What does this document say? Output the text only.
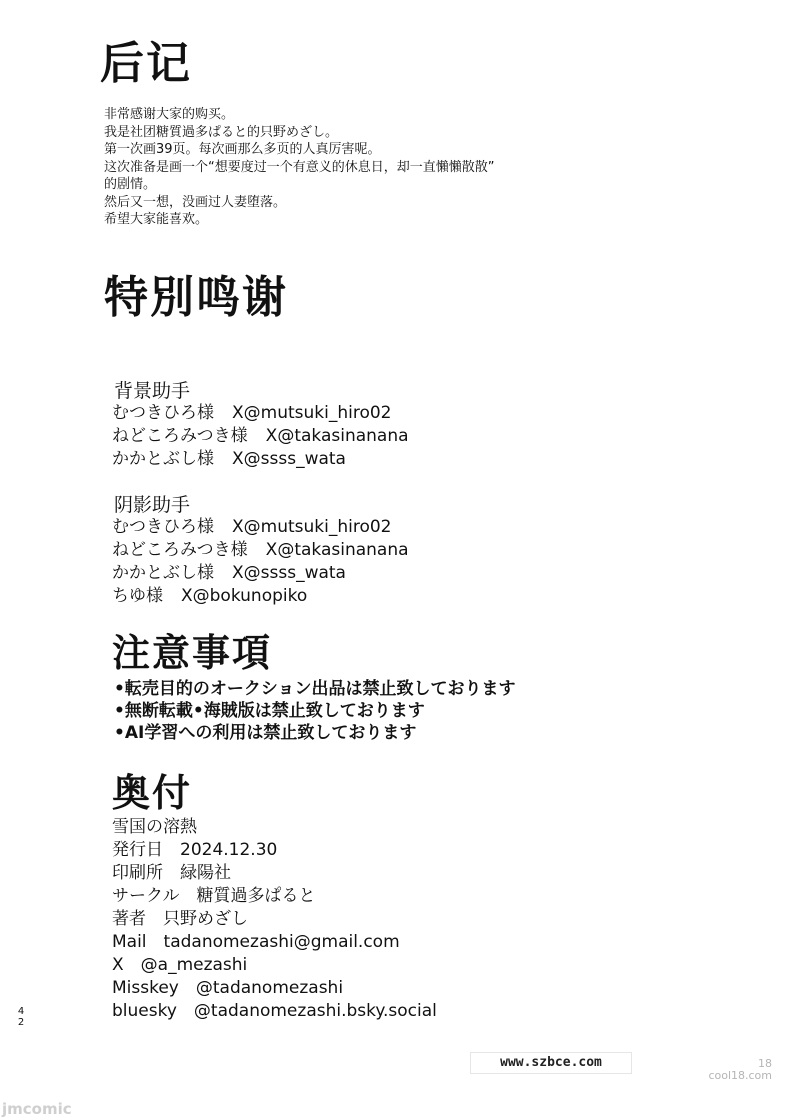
后记
非常感谢大家的购买。
我是社团糖質過多ぱると的只野めざし。
第一次画39页。每次画那么多页的人真厉害呢。
这次准备是画一个“想要度过一个有意义的休息日，却一直懶懶散散”
的剧情。
然后又一想，没画过人妻堕落。
希望大家能喜欢。
特別鸣谢
背景助手
むつきひろ様 X@mutsuki_hiro02
ねどころみつき様 X@takasinanana
かかとぶし様 X@ssss_wata
阴影助手
むつきひろ様 X@mutsuki_hiro02
ねどころみつき様 X@takasinanana
かかとぶし様 X@ssss_wata
ちゆ様 X@bokunopiko
注意事項
•転売目的のオークション出品は禁止致しております
•無断転載•海賊版は禁止致しております
•AI学習への利用は禁止致しております
奥付
雪国の溶熱
発行日　2024.12.30
印刷所　緑陽社
サークル　糖質過多ぱると
著者　只野めざし
Mail　tadanomezashi@gmail.com
X　@a_mezashi
Misskey　@tadanomezashi
bluesky　@tadanomezashi.bsky.social
4
2
jmcomic
www.szbce.com	18
cool18.com
